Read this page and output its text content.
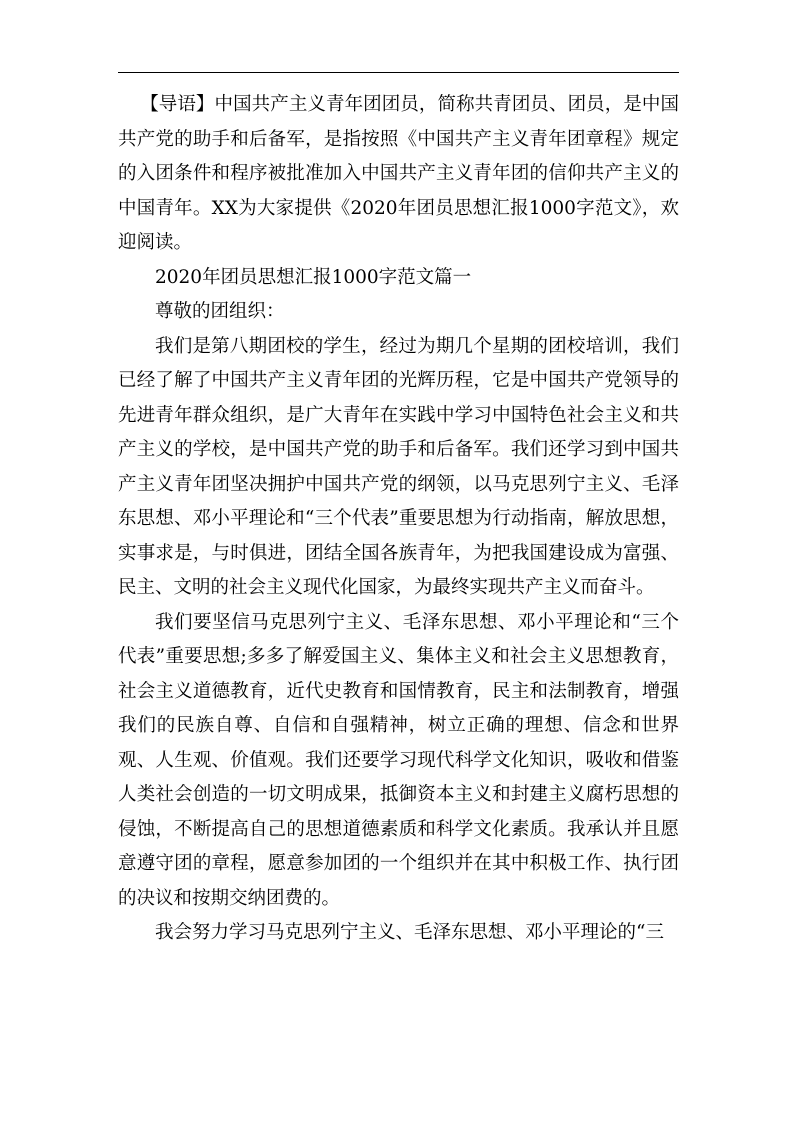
【导语】中国共产主义青年团团员，简称共青团员、团员，是中国共产党的助手和后备军，是指按照《中国共产主义青年团章程》规定的入团条件和程序被批准加入中国共产主义青年团的信仰共产主义的中国青年。XX为大家提供《2020年团员思想汇报1000字范文》，欢迎阅读。

2020年团员思想汇报1000字范文篇一

尊敬的团组织：

我们是第八期团校的学生，经过为期几个星期的团校培训，我们已经了解了中国共产主义青年团的光辉历程，它是中国共产党领导的先进青年群众组织，是广大青年在实践中学习中国特色社会主义和共产主义的学校，是中国共产党的助手和后备军。我们还学习到中国共产主义青年团坚决拥护中国共产党的纲领，以马克思列宁主义、毛泽东思想、邓小平理论和“三个代表”重要思想为行动指南，解放思想，实事求是，与时俱进，团结全国各族青年，为把我国建设成为富强、民主、文明的社会主义现代化国家，为最终实现共产主义而奋斗。

我们要坚信马克思列宁主义、毛泽东思想、邓小平理论和“三个代表”重要思想;多多了解爱国主义、集体主义和社会主义思想教育，社会主义道德教育，近代史教育和国情教育，民主和法制教育，增强我们的民族自尊、自信和自强精神，树立正确的理想、信念和世界观、人生观、价值观。我们还要学习现代科学文化知识，吸收和借鉴人类社会创造的一切文明成果，抵御资本主义和封建主义腐朽思想的侵蚀，不断提高自己的思想道德素质和科学文化素质。我承认并且愿意遵守团的章程，愿意参加团的一个组织并在其中积极工作、执行团的决议和按期交纳团费的。

我会努力学习马克思列宁主义、毛泽东思想、邓小平理论的“三
